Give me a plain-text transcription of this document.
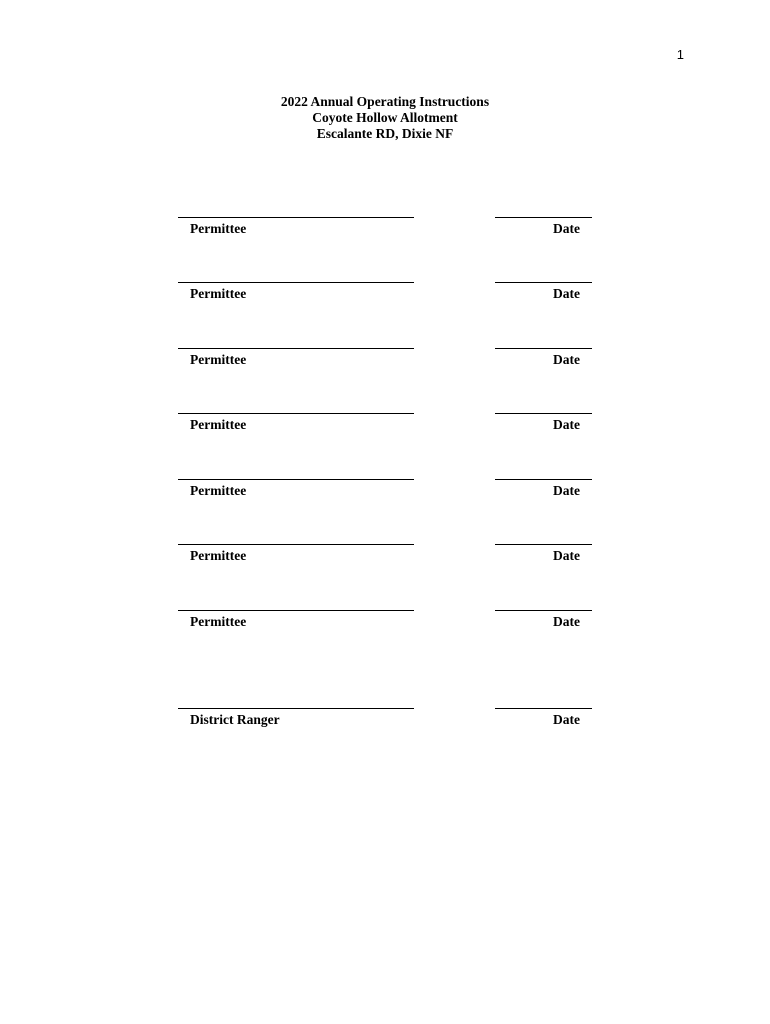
1
2022 Annual Operating Instructions
Coyote Hollow Allotment
Escalante RD, Dixie NF
Permittee	Date
Permittee	Date
Permittee	Date
Permittee	Date
Permittee	Date
Permittee	Date
Permittee	Date
District Ranger	Date
